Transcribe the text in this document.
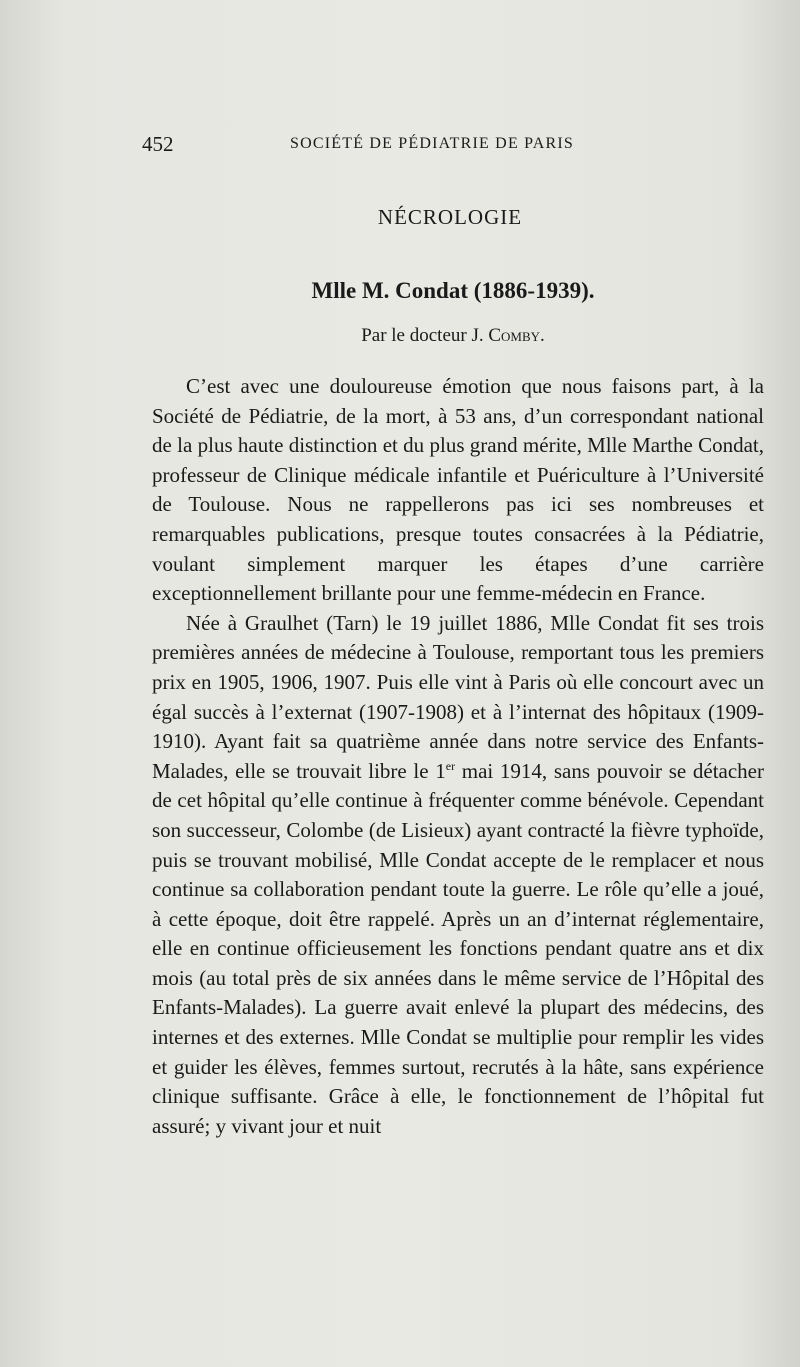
452	SOCIÉTÉ DE PÉDIATRIE DE PARIS
NÉCROLOGIE
Mlle M. Condat (1886-1939).
Par le docteur J. Comby.

C’est avec une douloureuse émotion que nous faisons part, à la Société de Pédiatrie, de la mort, à 53 ans, d’un correspondant national de la plus haute distinction et du plus grand mérite, Mlle Marthe Condat, professeur de Clinique médicale infantile et Puériculture à l’Université de Toulouse. Nous ne rappellerons pas ici ses nombreuses et remarquables publications, presque toutes consacrées à la Pédiatrie, voulant simplement marquer les étapes d’une carrière exceptionnellement brillante pour une femme-médecin en France.

Née à Graulhet (Tarn) le 19 juillet 1886, Mlle Condat fit ses trois premières années de médecine à Toulouse, remportant tous les premiers prix en 1905, 1906, 1907. Puis elle vint à Paris où elle concourt avec un égal succès à l’externat (1907-1908) et à l’internat des hôpitaux (1909-1910). Ayant fait sa quatrième année dans notre service des Enfants-Malades, elle se trouvait libre le 1er mai 1914, sans pouvoir se détacher de cet hôpital qu’elle continue à fréquenter comme bénévole. Cependant son successeur, Colombe (de Lisieux) ayant contracté la fièvre typhoïde, puis se trouvant mobilisé, Mlle Condat accepte de le remplacer et nous continue sa collaboration pendant toute la guerre. Le rôle qu’elle a joué, à cette époque, doit être rappelé. Après un an d’internat réglementaire, elle en continue officieusement les fonctions pendant quatre ans et dix mois (au total près de six années dans le même service de l’Hôpital des Enfants-Malades). La guerre avait enlevé la plupart des médecins, des internes et des externes. Mlle Condat se multiplie pour remplir les vides et guider les élèves, femmes surtout, recrutés à la hâte, sans expérience clinique suffisante. Grâce à elle, le fonctionnement de l’hôpital fut assuré; y vivant jour et nuit
